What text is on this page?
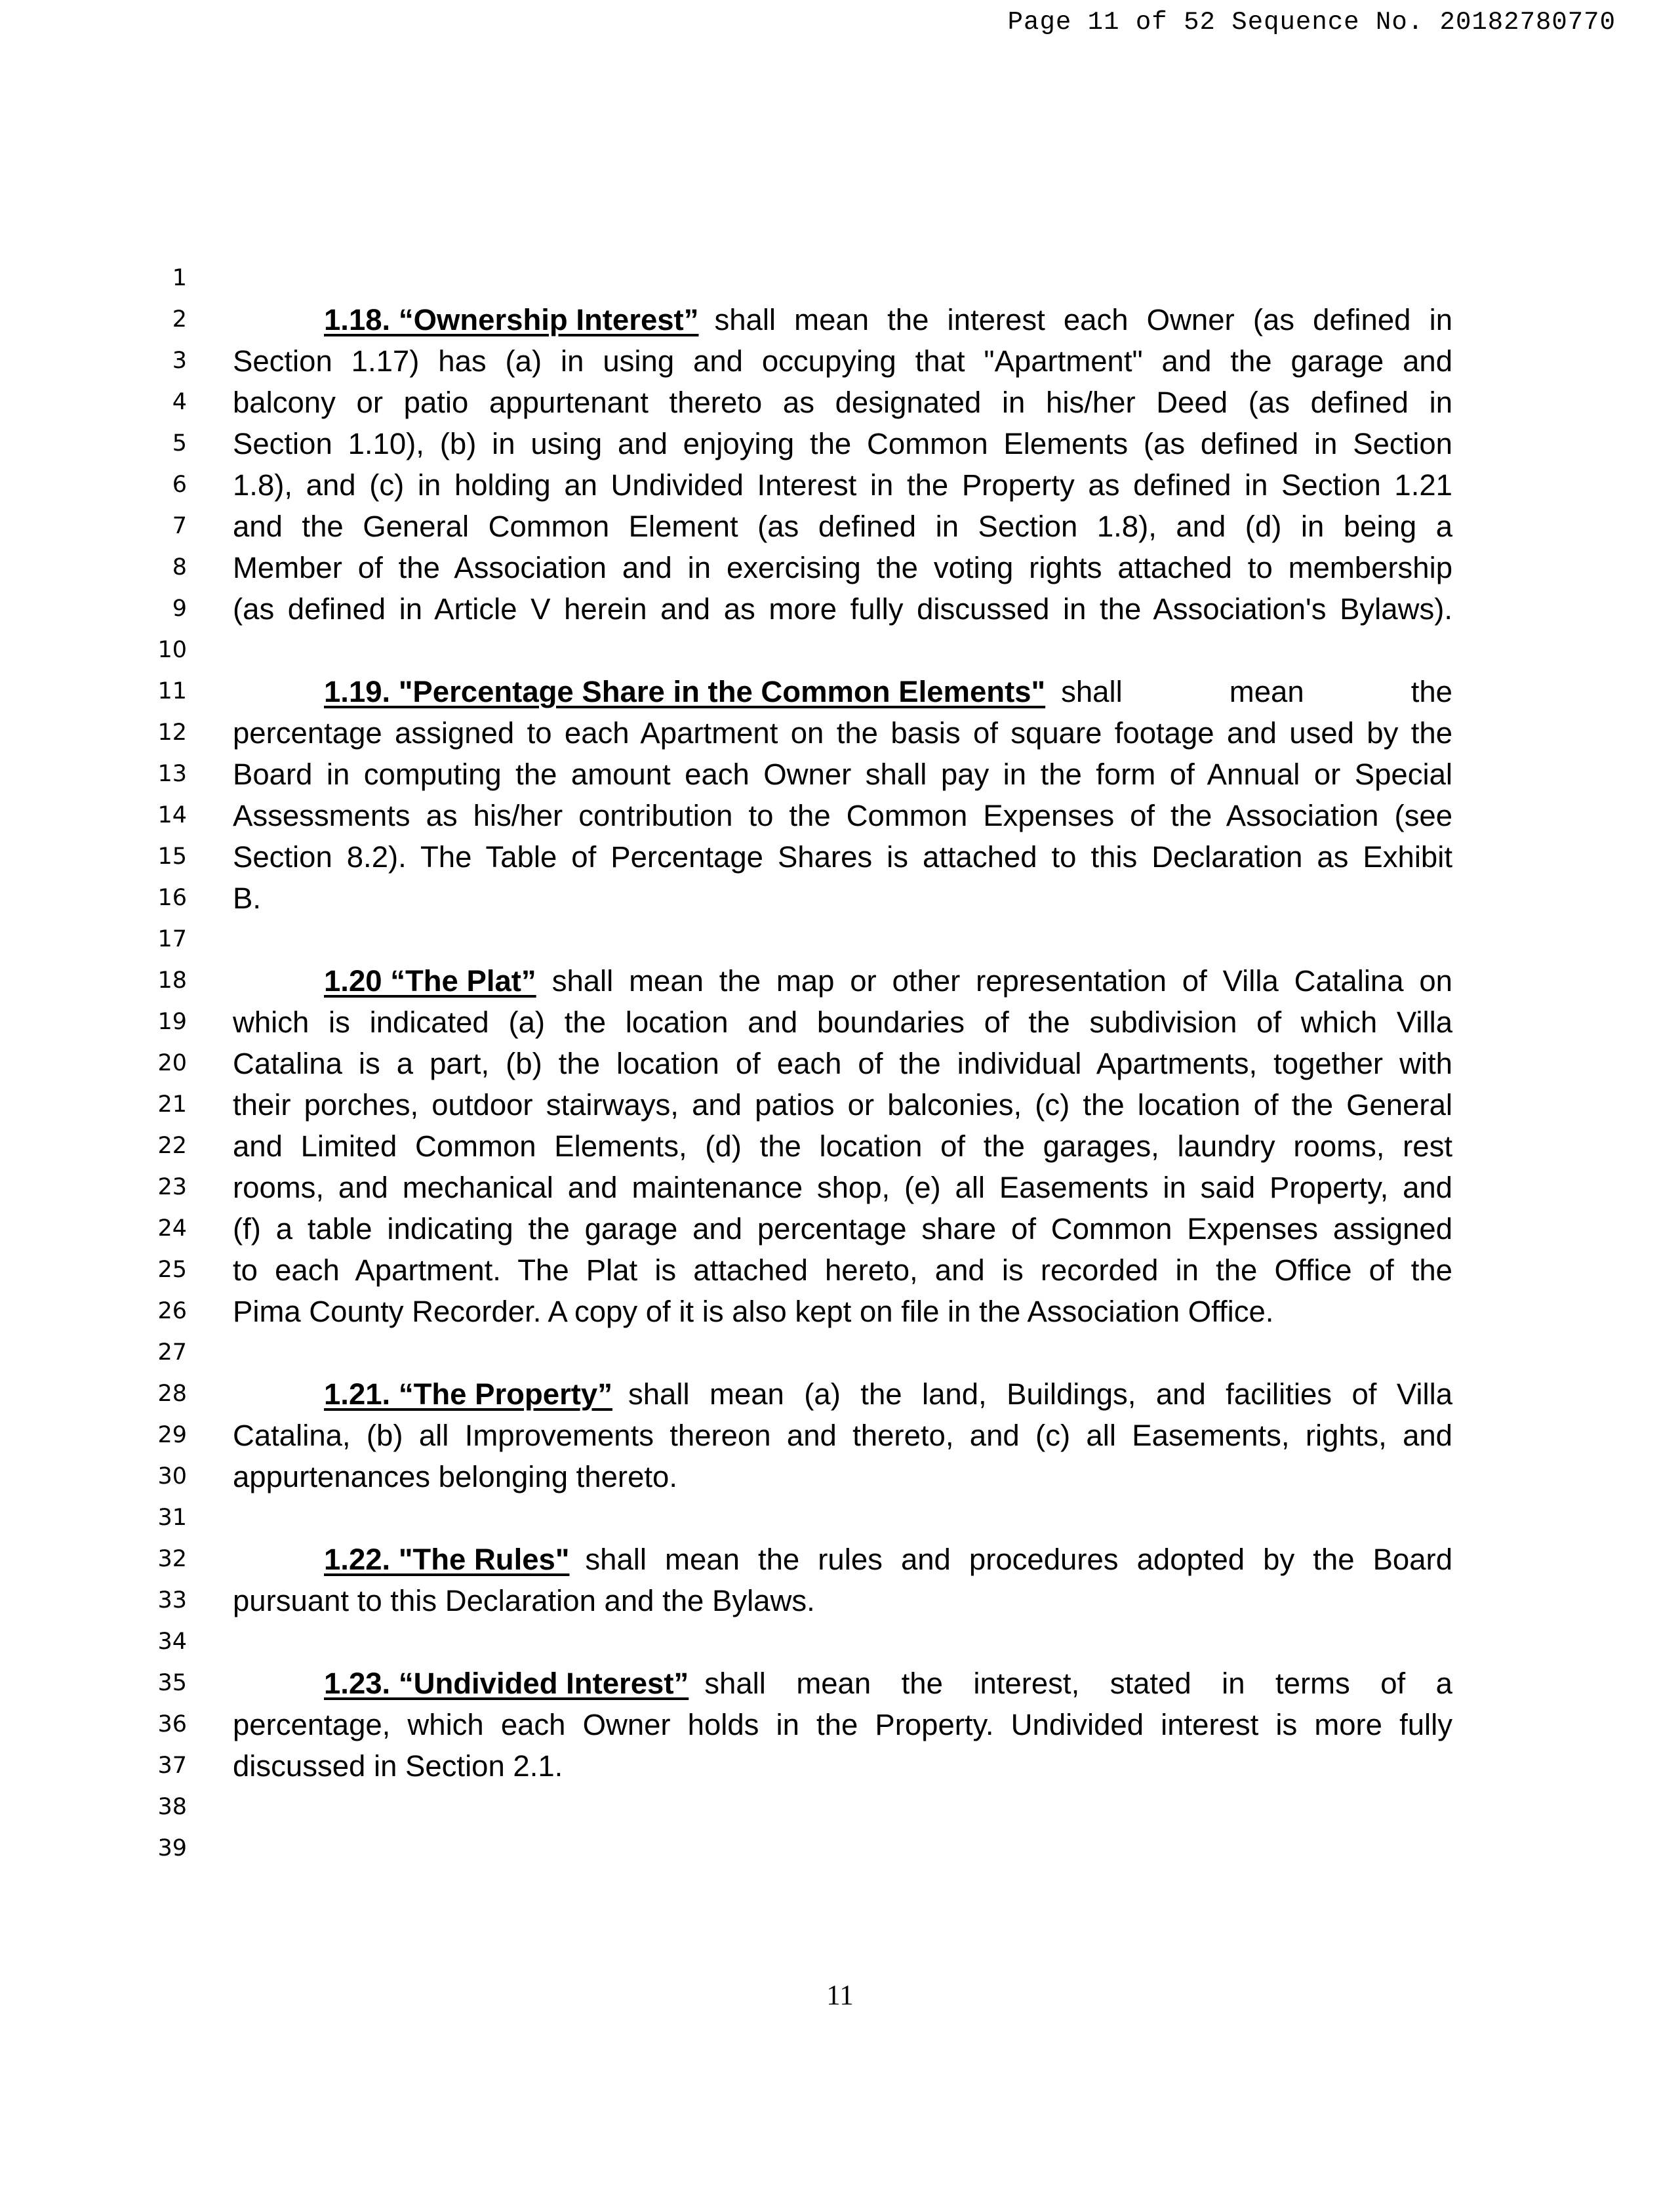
Page 11 of 52 Sequence No. 20182780770
1
2	1.18. “Ownership Interest” shall mean the interest each Owner (as defined in
3 Section 1.17) has (a) in using and occupying that "Apartment" and the garage and
4 balcony or patio appurtenant thereto as designated in his/her Deed (as defined in
5 Section 1.10), (b) in using and enjoying the Common Elements (as defined in Section
6 1.8), and (c) in holding an Undivided Interest in the Property as defined in Section 1.21
7 and the General Common Element (as defined in Section 1.8), and (d) in being a
8 Member of the Association and in exercising the voting rights attached to membership
9 (as defined in Article V herein and as more fully discussed in the Association's Bylaws).
10
11	1.19. "Percentage Share in the Common Elements" shall mean the
12 percentage assigned to each Apartment on the basis of square footage and used by the
13 Board in computing the amount each Owner shall pay in the form of Annual or Special
14 Assessments as his/her contribution to the Common Expenses of the Association (see
15 Section 8.2). The Table of Percentage Shares is attached to this Declaration as Exhibit
16 B.
17
18	1.20 “The Plat” shall mean the map or other representation of Villa Catalina on
19 which is indicated (a) the location and boundaries of the subdivision of which Villa
20 Catalina is a part, (b) the location of each of the individual Apartments, together with
21 their porches, outdoor stairways, and patios or balconies, (c) the location of the General
22 and Limited Common Elements, (d) the location of the garages, laundry rooms, rest
23 rooms, and mechanical and maintenance shop, (e) all Easements in said Property, and
24 (f) a table indicating the garage and percentage share of Common Expenses assigned
25 to each Apartment. The Plat is attached hereto, and is recorded in the Office of the
26 Pima County Recorder. A copy of it is also kept on file in the Association Office.
27
28	1.21. “The Property” shall mean (a) the land, Buildings, and facilities of Villa
29 Catalina, (b) all Improvements thereon and thereto, and (c) all Easements, rights, and
30 appurtenances belonging thereto.
31
32	1.22. "The Rules" shall mean the rules and procedures adopted by the Board
33 pursuant to this Declaration and the Bylaws.
34
35	1.23. “Undivided Interest” shall mean the interest, stated in terms of a
36 percentage, which each Owner holds in the Property. Undivided interest is more fully
37 discussed in Section 2.1.
38
39
11
